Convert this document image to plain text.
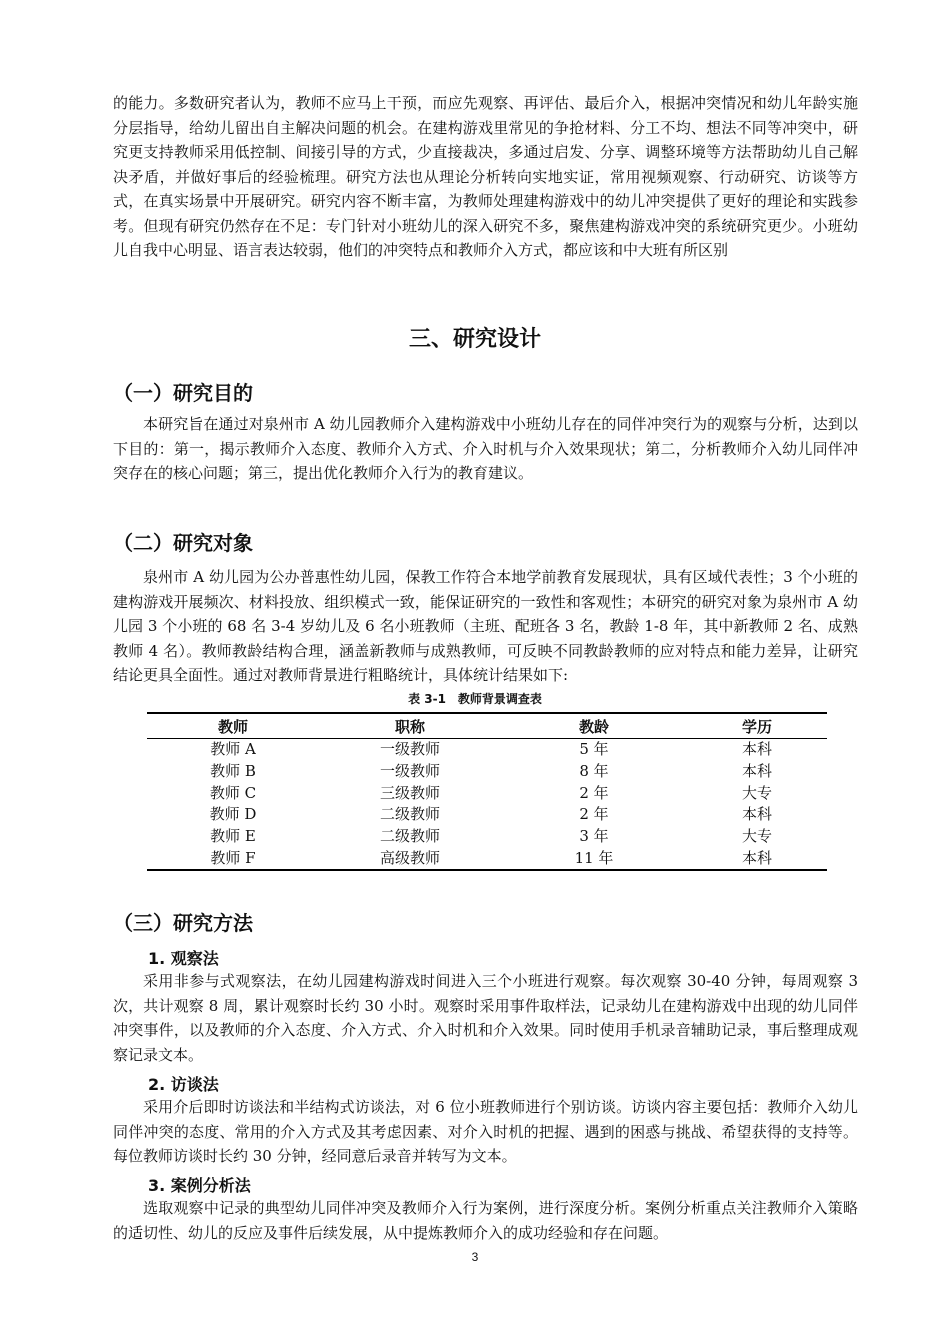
的能力。多数研究者认为，教师不应马上干预，而应先观察、再评估、最后介入，根据冲突情况和幼儿年龄实施分层指导，给幼儿留出自主解决问题的机会。在建构游戏里常见的争抢材料、分工不均、想法不同等冲突中，研究更支持教师采用低控制、间接引导的方式，少直接裁决，多通过启发、分享、调整环境等方法帮助幼儿自己解决矛盾，并做好事后的经验梳理。研究方法也从理论分析转向实地实证，常用视频观察、行动研究、访谈等方式，在真实场景中开展研究。研究内容不断丰富，为教师处理建构游戏中的幼儿冲突提供了更好的理论和实践参考。但现有研究仍然存在不足：专门针对小班幼儿的深入研究不多，聚焦建构游戏冲突的系统研究更少。小班幼儿自我中心明显、语言表达较弱，他们的冲突特点和教师介入方式，都应该和中大班有所区别

三、研究设计
（一）研究目的

本研究旨在通过对泉州市 A 幼儿园教师介入建构游戏中小班幼儿存在的同伴冲突行为的观察与分析，达到以下目的：第一，揭示教师介入态度、教师介入方式、介入时机与介入效果现状；第二，分析教师介入幼儿同伴冲突存在的核心问题；第三，提出优化教师介入行为的教育建议。

（二）研究对象

泉州市 A 幼儿园为公办普惠性幼儿园，保教工作符合本地学前教育发展现状，具有区域代表性；3 个小班的建构游戏开展频次、材料投放、组织模式一致，能保证研究的一致性和客观性；本研究的研究对象为泉州市 A 幼儿园 3 个小班的 68 名 3-4 岁幼儿及 6 名小班教师（主班、配班各 3 名，教龄 1-8 年，其中新教师 2 名、成熟教师 4 名）。教师教龄结构合理，涵盖新教师与成熟教师，可反映不同教龄教师的应对特点和能力差异，让研究结论更具全面性。通过对教师背景进行粗略统计，具体统计结果如下:

表 3-1　教师背景调查表
教师	职称	教龄	学历
教师 A	一级教师	5 年	本科
教师 B	一级教师	8 年	本科
教师 C	三级教师	2 年	大专
教师 D	二级教师	2 年	本科
教师 E	二级教师	3 年	大专
教师 F	高级教师	11 年	本科
（三）研究方法
1. 观察法

采用非参与式观察法，在幼儿园建构游戏时间进入三个小班进行观察。每次观察 30-40 分钟，每周观察 3 次，共计观察 8 周，累计观察时长约 30 小时。观察时采用事件取样法，记录幼儿在建构游戏中出现的幼儿同伴冲突事件，以及教师的介入态度、介入方式、介入时机和介入效果。同时使用手机录音辅助记录，事后整理成观察记录文本。

2. 访谈法

采用介后即时访谈法和半结构式访谈法，对 6 位小班教师进行个别访谈。访谈内容主要包括：教师介入幼儿同伴冲突的态度、常用的介入方式及其考虑因素、对介入时机的把握、遇到的困惑与挑战、希望获得的支持等。每位教师访谈时长约 30 分钟，经同意后录音并转写为文本。

3. 案例分析法

选取观察中记录的典型幼儿同伴冲突及教师介入行为案例，进行深度分析。案例分析重点关注教师介入策略的适切性、幼儿的反应及事件后续发展，从中提炼教师介入的成功经验和存在问题。

3
